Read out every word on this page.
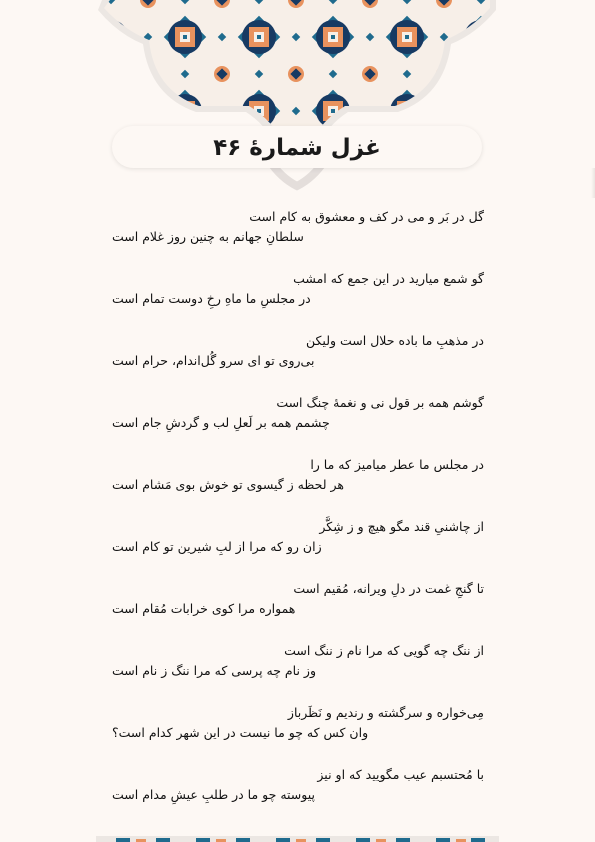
غزل شمارهٔ ۴۶
گل در بَر و می در کف و معشوق به کام است
سلطانِ جهانم به چنین روز غلام است
گو شمع میارید در این جمع که امشب
در مجلسِ ما ماهِ رخِ دوست تمام است
در مذهبِ ما باده حلال است ولیکن
بی‌روی تو ای سرو گُل‌اندام، حرام است
گوشم همه بر قول نی و نغمهٔ چنگ است
چشمم همه بر لَعلِ لب و گردشِ جام است
در مجلس ما عطر میامیز که ما را
هر لحظه ز گیسوی تو خوش بوی مَشام است
از چاشنیِ قند مگو هیچ و ز شِکَّر
زان رو که مرا از لبِ شیرین تو کام است
تا گنجِ غمت در دلِ ویرانه، مُقیم است
همواره مرا کوی خرابات مُقام است
از ننگ چه گویی که مرا نام ز ننگ است
وز نام چه پرسی که مرا ننگ ز نام است
مِی‌خواره و سرگشته و رندیم و نَظَرباز
وان کس که چو ما نیست در این شهر کدام است؟
با مُحتسبم عیب مگویید که او نیز
پیوسته چو ما در طلبِ عیشِ مدام است
